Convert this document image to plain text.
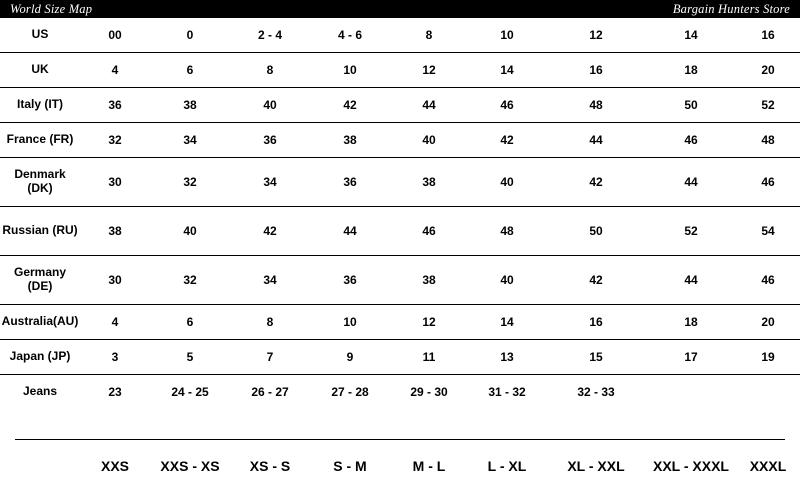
World Size Map	Bargain Hunters Store
US	00	0	2 - 4	4 - 6	8	10	12	14	16
UK	4	6	8	10	12	14	16	18	20
Italy (IT)	36	38	40	42	44	46	48	50	52
France (FR)	32	34	36	38	40	42	44	46	48
Denmark
(DK)	30	32	34	36	38	40	42	44	46
Russian (RU)	38	40	42	44	46	48	50	52	54
Germany
(DE)	30	32	34	36	38	40	42	44	46
Australia(AU)	4	6	8	10	12	14	16	18	20
Japan (JP)	3	5	7	9	11	13	15	17	19
Jeans	23	24 - 25	26 - 27	27 - 28	29 - 30	31 - 32	32 - 33		
	XXS	XXS - XS	XS - S	S - M	M - L	L - XL	XL - XXL	XXL - XXXL	XXXL
